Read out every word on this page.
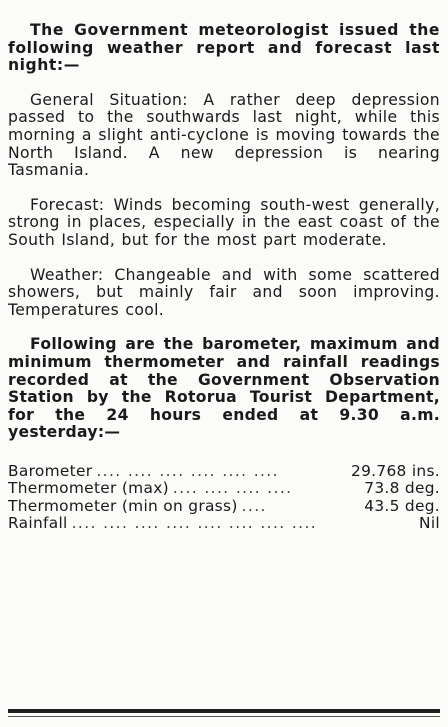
The Government meteorologist issued the following weather report and forecast last night:—

General Situation: A rather deep depression passed to the southwards last night, while this morning a slight anti-cyclone is moving towards the North Island. A new depression is nearing Tasmania.

Forecast: Winds becoming south-west generally, strong in places, especially in the east coast of the South Island, but for the most part moderate.

Weather: Changeable and with some scattered showers, but mainly fair and soon improving. Temperatures cool.

Following are the barometer, maximum and minimum thermometer and rainfall readings recorded at the Government Observation Station by the Rotorua Tourist Department, for the 24 hours ended at 9.30 a.m. yesterday:—

Barometer .... .... .... .... .... ....	29.768 ins.
Thermometer (max) .... .... .... ....	73.8 deg.
Thermometer (min on grass) ....	43.5 deg.
Rainfall .... .... .... .... .... .... .... ....	Nil
